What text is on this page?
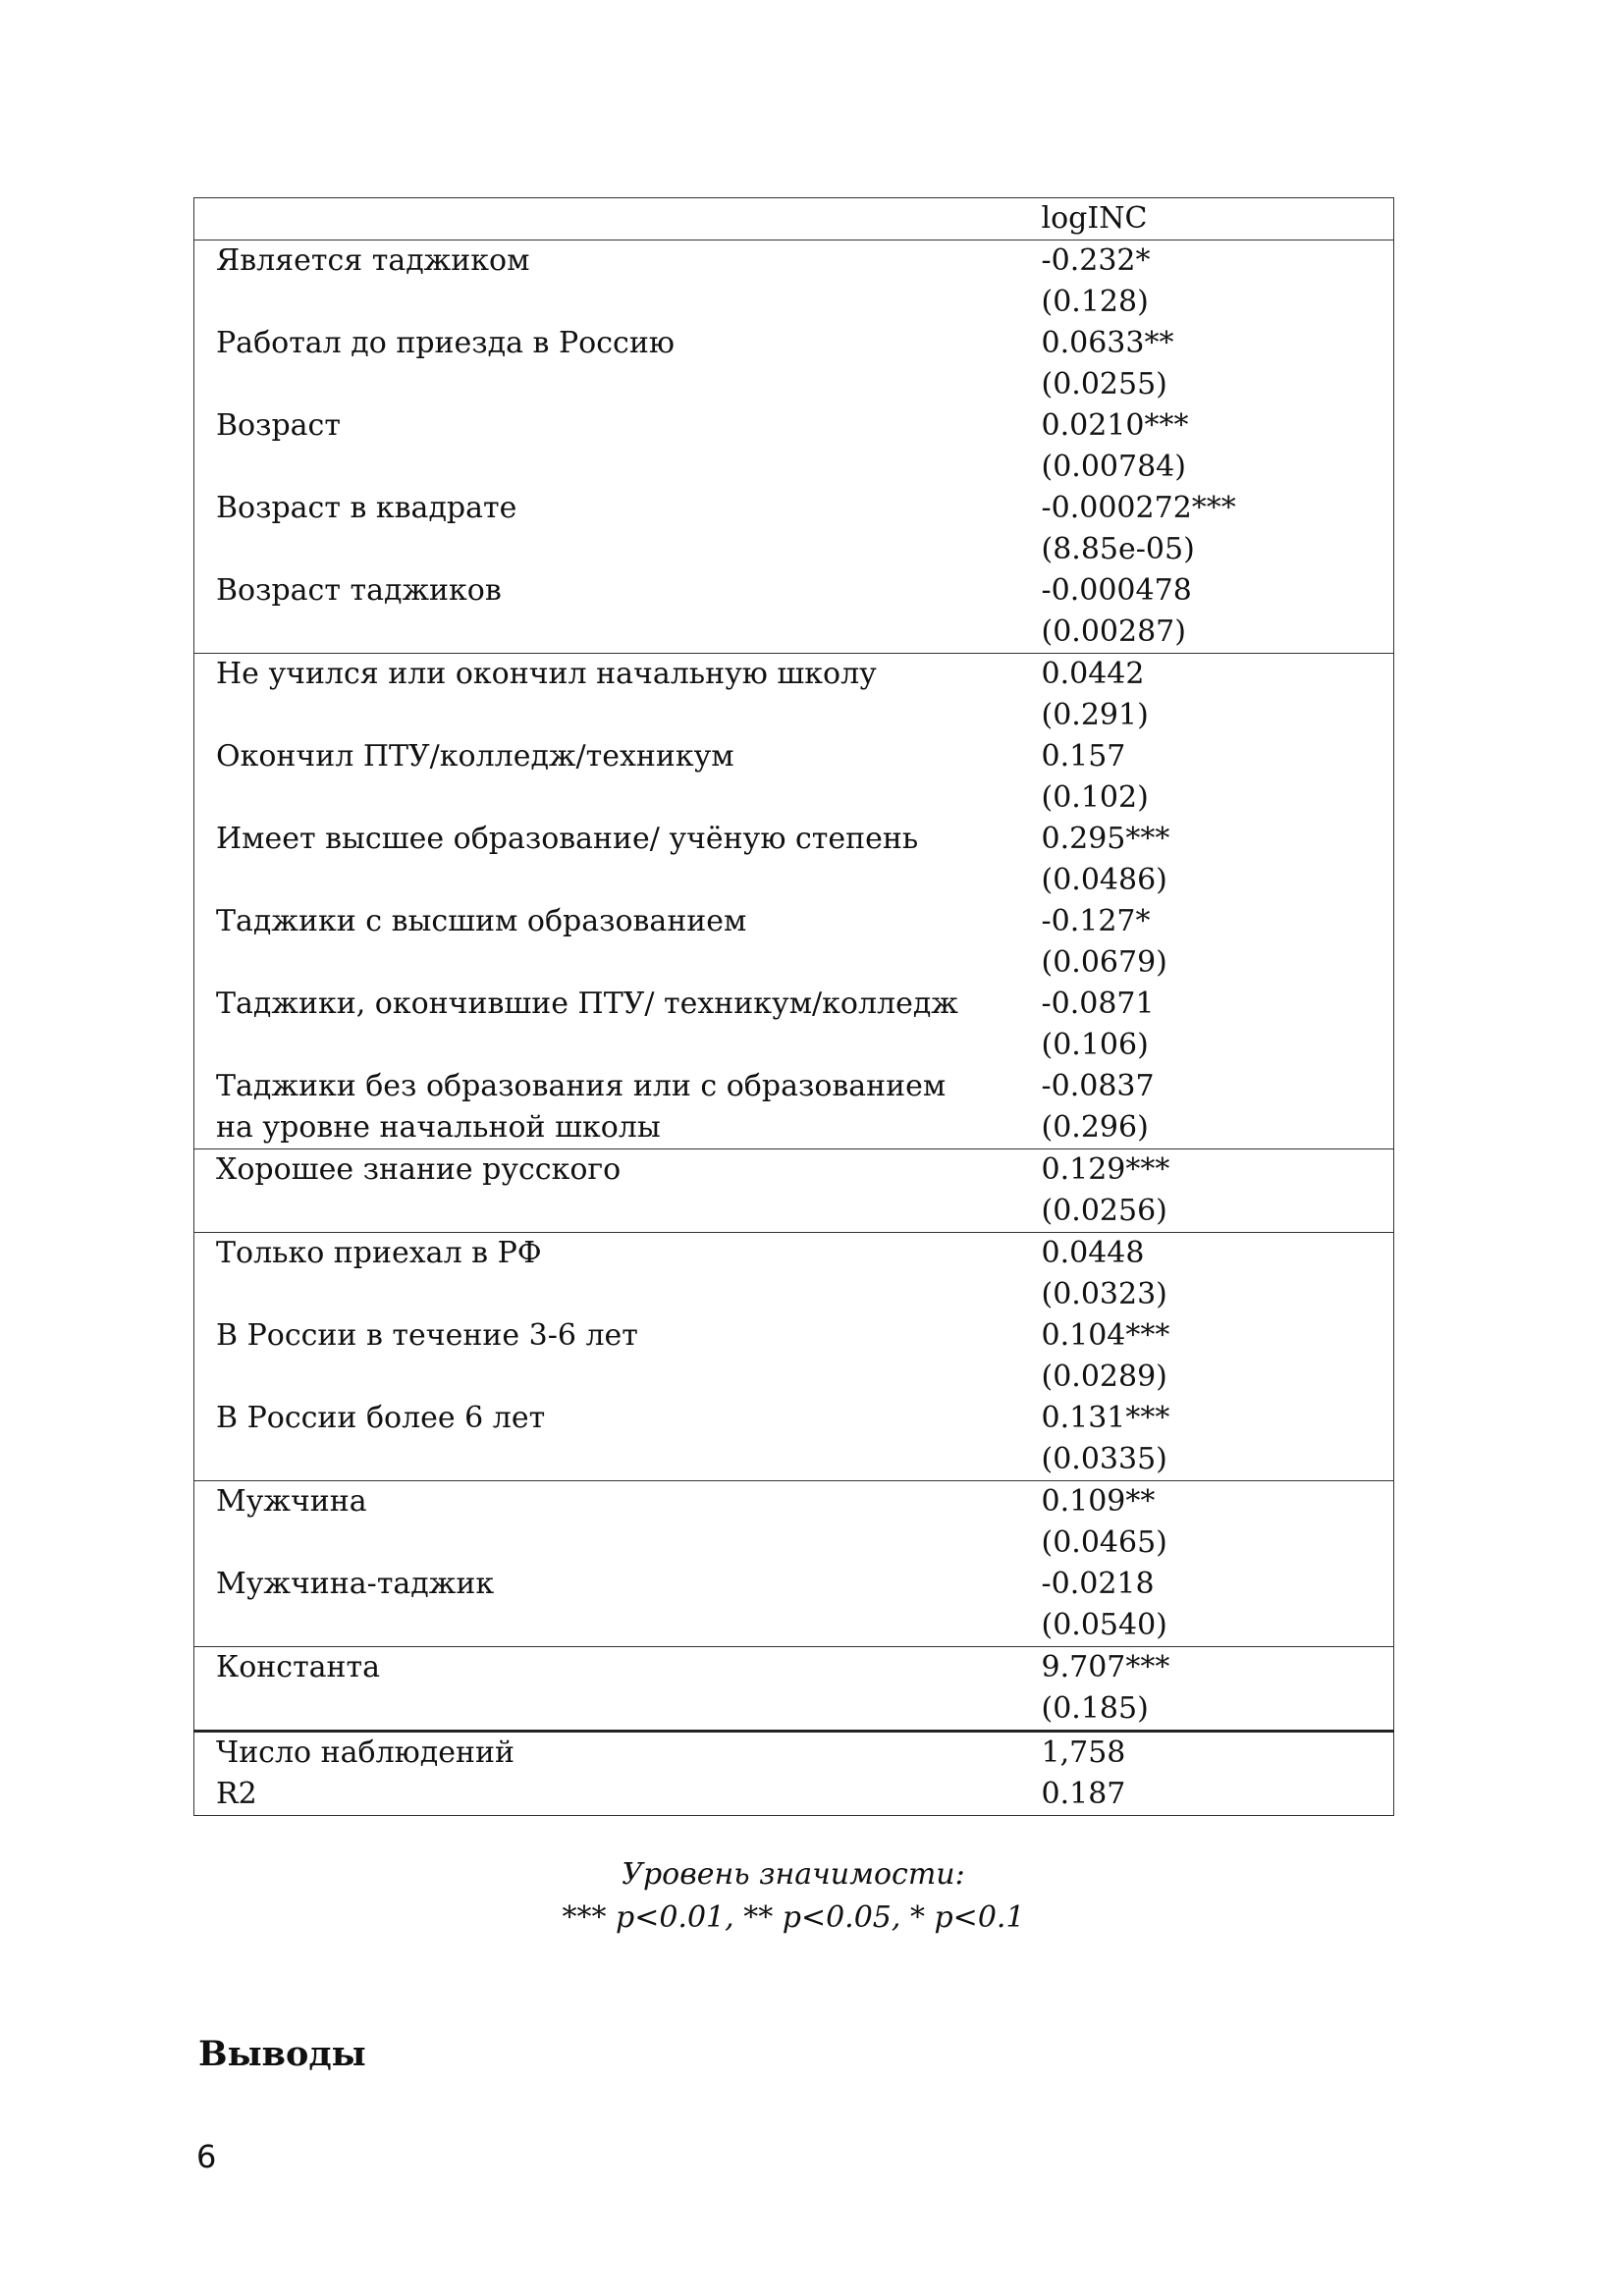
	logINC
Является таджиком	-0.232*
	(0.128)
Работал до приезда в Россию	0.0633**
	(0.0255)
Возраст	0.0210***
	(0.00784)
Возраст в квадрате	-0.000272***
	(8.85e-05)
Возраст таджиков	-0.000478
	(0.00287)
Не учился или окончил начальную школу	0.0442
	(0.291)
Окончил ПТУ/колледж/техникум	0.157
	(0.102)
Имеет высшее образование/ учёную степень	0.295***
	(0.0486)
Таджики с высшим образованием	-0.127*
	(0.0679)
Таджики, окончившие ПТУ/ техникум/колледж	-0.0871
	(0.106)
Таджики без образования или с образованием	-0.0837
на уровне начальной школы	(0.296)
Хорошее знание русского	0.129***
	(0.0256)
Только приехал в РФ	0.0448
	(0.0323)
В России в течение 3-6 лет	0.104***
	(0.0289)
В России более 6 лет	0.131***
	(0.0335)
Мужчина	0.109**
	(0.0465)
Мужчина-таджик	-0.0218
	(0.0540)
Константа	9.707***
	(0.185)
Число наблюдений	1,758
R2	0.187
Уровень значимости:
*** p<0.01, ** p<0.05, * p<0.1
Выводы
6
